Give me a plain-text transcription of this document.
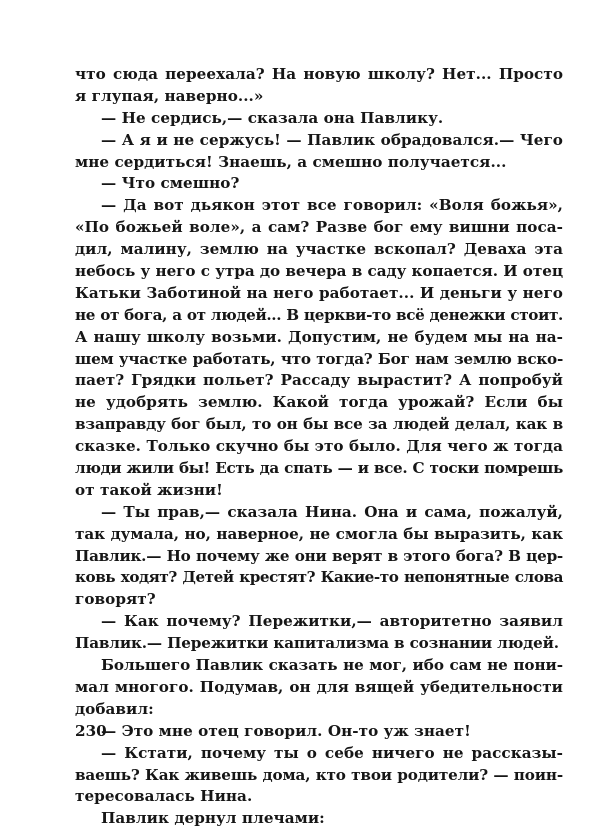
что сюда переехала? На новую школу? Нет... Просто
я глупая, наверно...»
— Не сердись,— сказала она Павлику.
— А я и не сержусь! — Павлик обрадовался.— Чего
мне сердиться! Знаешь, а смешно получается...
— Что смешно?
— Да вот дьякон этот все говорил: «Воля божья»,
«По божьей воле», а сам? Разве бог ему вишни поса-
дил, малину, землю на участке вскопал? Деваха эта
небось у него с утра до вечера в саду копается. И отец
Катьки Заботиной на него работает... И деньги у него
не от бога, а от людей... В церкви-то всё денежки стоит.
А нашу школу возьми. Допустим, не будем мы на на-
шем участке работать, что тогда? Бог нам землю вско-
пает? Грядки польет? Рассаду вырастит? А попробуй
не удобрять землю. Какой тогда урожай? Если бы
взаправду бог был, то он бы все за людей делал, как в
сказке. Только скучно бы это было. Для чего ж тогда
люди жили бы! Есть да спать — и все. С тоски помрешь
от такой жизни!
— Ты прав,— сказала Нина. Она и сама, пожалуй,
так думала, но, наверное, не смогла бы выразить, как
Павлик.— Но почему же они верят в этого бога? В цер-
ковь ходят? Детей крестят? Какие-то непонятные слова
говорят?
— Как почему? Пережитки,— авторитетно заявил
Павлик.— Пережитки капитализма в сознании людей.
Большего Павлик сказать не мог, ибо сам не пони-
мал многого. Подумав, он для вящей убедительности
добавил:
— Это мне отец говорил. Он-то уж знает!
— Кстати, почему ты о себе ничего не рассказы-
ваешь? Как живешь дома, кто твои родители? — поин-
тересовалась Нина.
Павлик дернул плечами:
230
